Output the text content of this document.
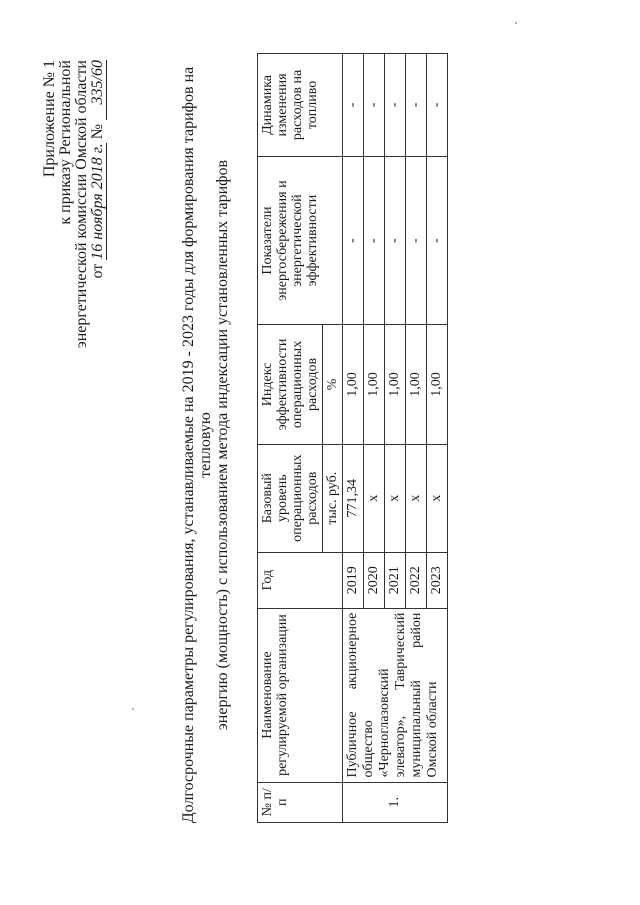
Приложение № 1 к приказу Региональной энергетической комиссии Омской области от 16 ноября 2018 г. № 335/60	Долгосрочные параметры регулирования, устанавливаемые на 2019 - 2023 годы для формирования тарифов на тепловую энергию (мощность) с использованием метода индексации установленных тарифов
№ п/п	Наименование регулируемой организации	Год	Базовый уровень операционных расходов	Индекс эффективности операционных расходов	Показатели энергосбережения и энергетической эффективности	Динамика изменения расходов на топливо
			тыс. руб.	%		
1.	Публичное акционерное общество «Черноглазовский элеватор», Таврический муниципальный район Омской области	2019	771,34	1,00	-	-
		2020	x	1,00	-	-
		2021	x	1,00	-	-
		2022	x	1,00	-	-
		2023	x	1,00	-	-
